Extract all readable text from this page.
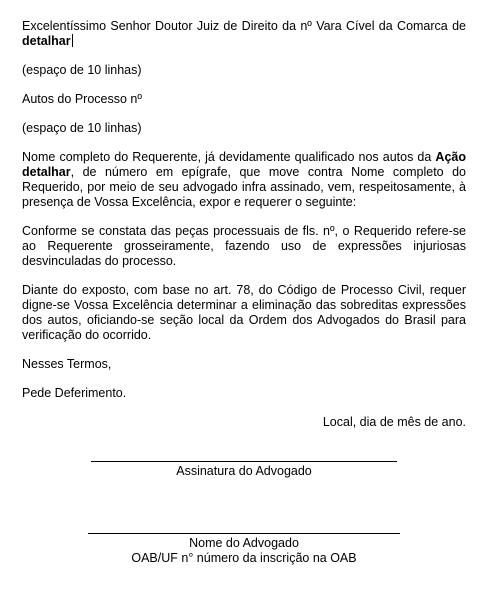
Excelentíssimo Senhor Doutor Juiz de Direito da nº Vara Cível da Comarca de detalhar

(espaço de 10 linhas)

Autos do Processo nº

(espaço de 10 linhas)

Nome completo do Requerente, já devidamente qualificado nos autos da Ação detalhar, de número em epígrafe, que move contra Nome completo do Requerido, por meio de seu advogado infra assinado, vem, respeitosamente, à presença de Vossa Excelência, expor e requerer o seguinte:

Conforme se constata das peças processuais de fls. nº, o Requerido refere-se ao Requerente grosseiramente, fazendo uso de expressões injuriosas desvinculadas do processo.

Diante do exposto, com base no art. 78, do Código de Processo Civil, requer digne-se Vossa Excelência determinar a eliminação das sobreditas expressões dos autos, oficiando-se seção local da Ordem dos Advogados do Brasil para verificação do ocorrido.

Nesses Termos,

Pede Deferimento.

Local, dia de mês de ano.

Assinatura do Advogado
Nome do Advogado
OAB/UF n° número da inscrição na OAB
